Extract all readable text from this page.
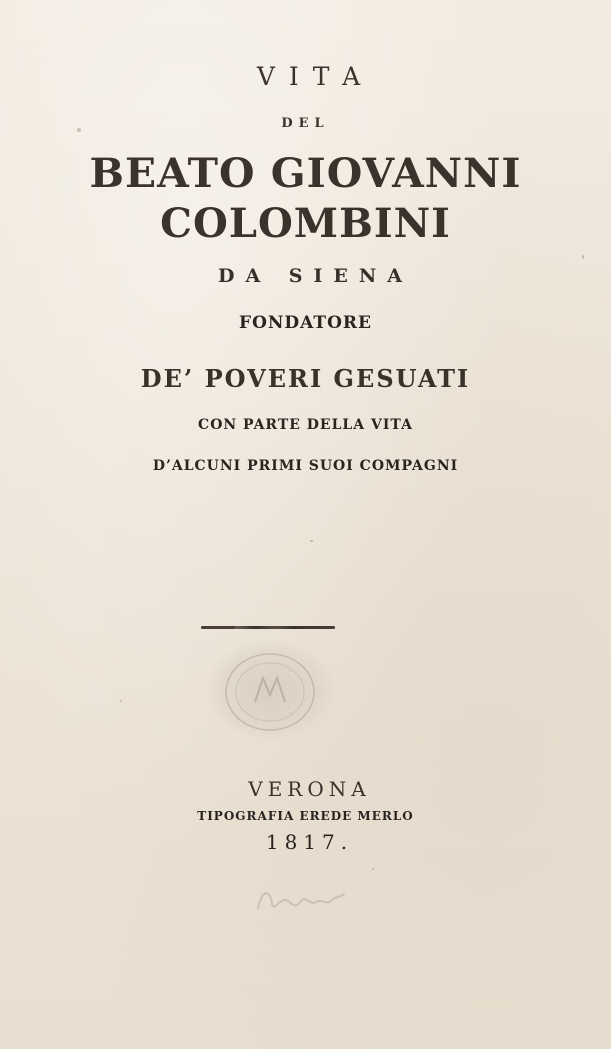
VITA
DEL
BEATO GIOVANNI
COLOMBINI
DA SIENA
FONDATORE
DE’ POVERI GESUATI
CON PARTE DELLA VITA
D’ALCUNI PRIMI SUOI COMPAGNI
VERONA
TIPOGRAFIA EREDE MERLO
1817.
